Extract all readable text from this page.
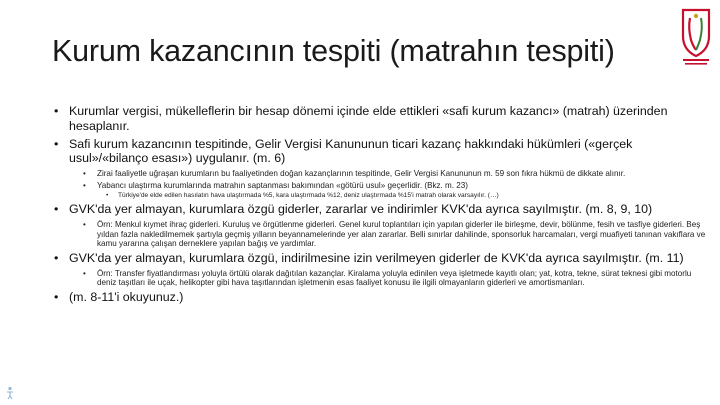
Kurum kazancının tespiti (matrahın tespiti)
• Kurumlar vergisi, mükelleflerin bir hesap dönemi içinde elde ettikleri «safi kurum kazancı» (matrah) üzerinden hesaplanır.
• Safi kurum kazancının tespitinde, Gelir Vergisi Kanununun ticari kazanç hakkındaki hükümleri («gerçek usul»/«bilanço esası») uygulanır. (m. 6)
• Zirai faaliyetle uğraşan kurumların bu faaliyetinden doğan kazançlarının tespitinde, Gelir Vergisi Kanununun m. 59 son fıkra hükmü de dikkate alınır.
• Yabancı ulaştırma kurumlarında matrahın saptanması bakımından «götürü usul» geçerlidir. (Bkz. m. 23)
• Türkiye'de elde edilen hasılatın hava ulaştırmada %5, kara ulaştırmada %12, deniz ulaştırmada %15'i matrah olarak varsayılır. (…)
• GVK'da yer almayan, kurumlara özgü giderler, zararlar ve indirimler KVK'da ayrıca sayılmıştır. (m. 8, 9, 10)
• Örn: Menkul kıymet ihraç giderleri. Kuruluş ve örgütlenme giderleri. Genel kurul toplantıları için yapılan giderler ile birleşme, devir, bölünme, fesih ve tasfiye giderleri. Beş yıldan fazla nakledilmemek şartıyla geçmiş yılların beyannamelerinde yer alan zararlar. Belli sınırlar dahilinde, sponsorluk harcamaları, vergi muafiyeti tanınan vakıflara ve kamu yararına çalışan derneklere yapılan bağış ve yardımlar.
• GVK'da yer almayan, kurumlara özgü, indirilmesine izin verilmeyen giderler de KVK'da ayrıca sayılmıştır. (m. 11)
• Örn: Transfer fiyatlandırması yoluyla örtülü olarak dağıtılan kazançlar. Kiralama yoluyla edinilen veya işletmede kayıtlı olan; yat, kotra, tekne, sürat teknesi gibi motorlu deniz taşıtları ile uçak, helikopter gibi hava taşıtlarından işletmenin esas faaliyet konusu ile ilgili olmayanların giderleri ve amortismanları.
• (m. 8-11'i okuyunuz.)
